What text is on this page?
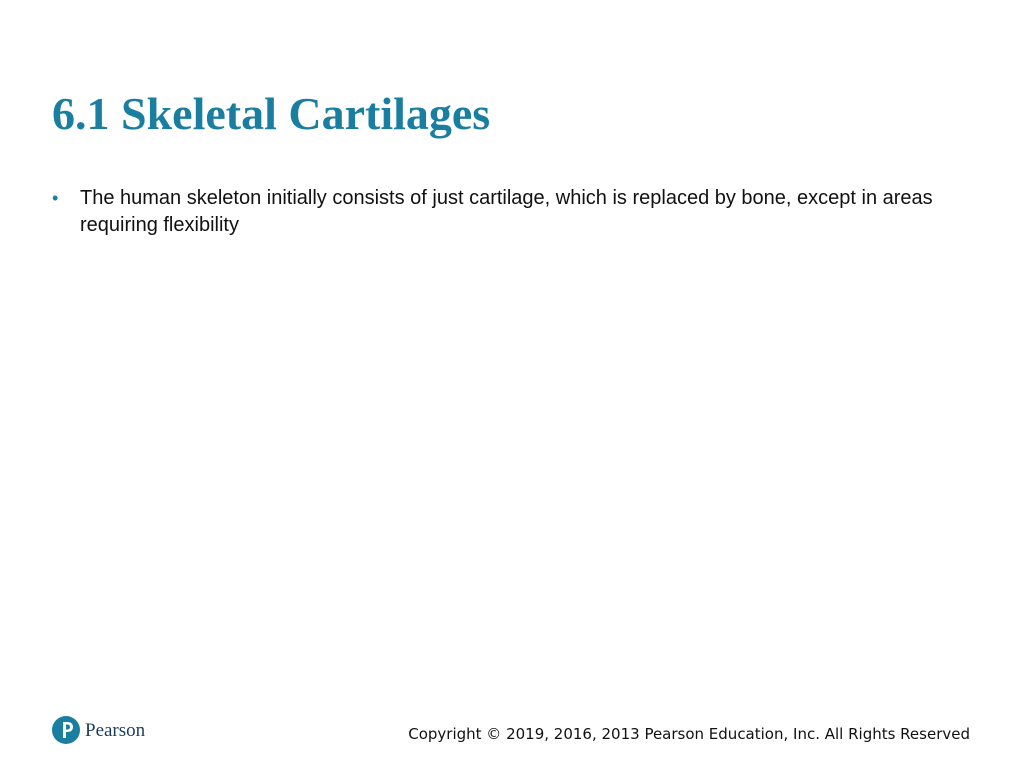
6.1 Skeletal Cartilages
• The human skeleton initially consists of just cartilage, which is replaced by bone, except in areas requiring flexibility
Pearson	Copyright © 2019, 2016, 2013 Pearson Education, Inc. All Rights Reserved
